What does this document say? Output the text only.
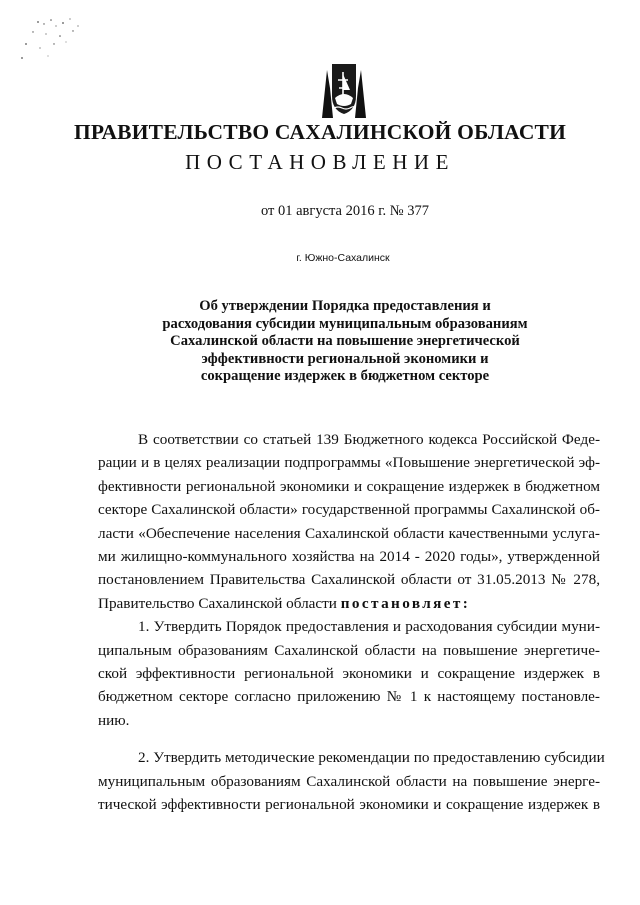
ПРАВИТЕЛЬСТВО САХАЛИНСКОЙ ОБЛАСТИ
ПОСТАНОВЛЕНИЕ
от 01 августа 2016 г. № 377
г. Южно-Сахалинск
Об утверждении Порядка предоставления и
расходования субсидии муниципальным образованиям
Сахалинской области на повышение энергетической
эффективности региональной экономики и
сокращение издержек в бюджетном секторе
В соответствии со статьей 139 Бюджетного кодекса Российской Феде-
рации и в целях реализации подпрограммы «Повышение энергетической эф-
фективности региональной экономики и сокращение издержек в бюджетном
секторе Сахалинской области» государственной программы Сахалинской об-
ласти «Обеспечение населения Сахалинской области качественными услуга-
ми жилищно-коммунального хозяйства на 2014 - 2020 годы», утвержденной
постановлением Правительства Сахалинской области от 31.05.2013 № 278,
Правительство Сахалинской области постановляет:
1. Утвердить Порядок предоставления и расходования субсидии муни-
ципальным образованиям Сахалинской области на повышение энергетиче-
ской эффективности региональной экономики и сокращение издержек в
бюджетном секторе согласно приложению № 1 к настоящему постановле-
нию.
2. Утвердить методические рекомендации по предоставлению субсидии
муниципальным образованиям Сахалинской области на повышение энерге-
тической эффективности региональной экономики и сокращение издержек в
